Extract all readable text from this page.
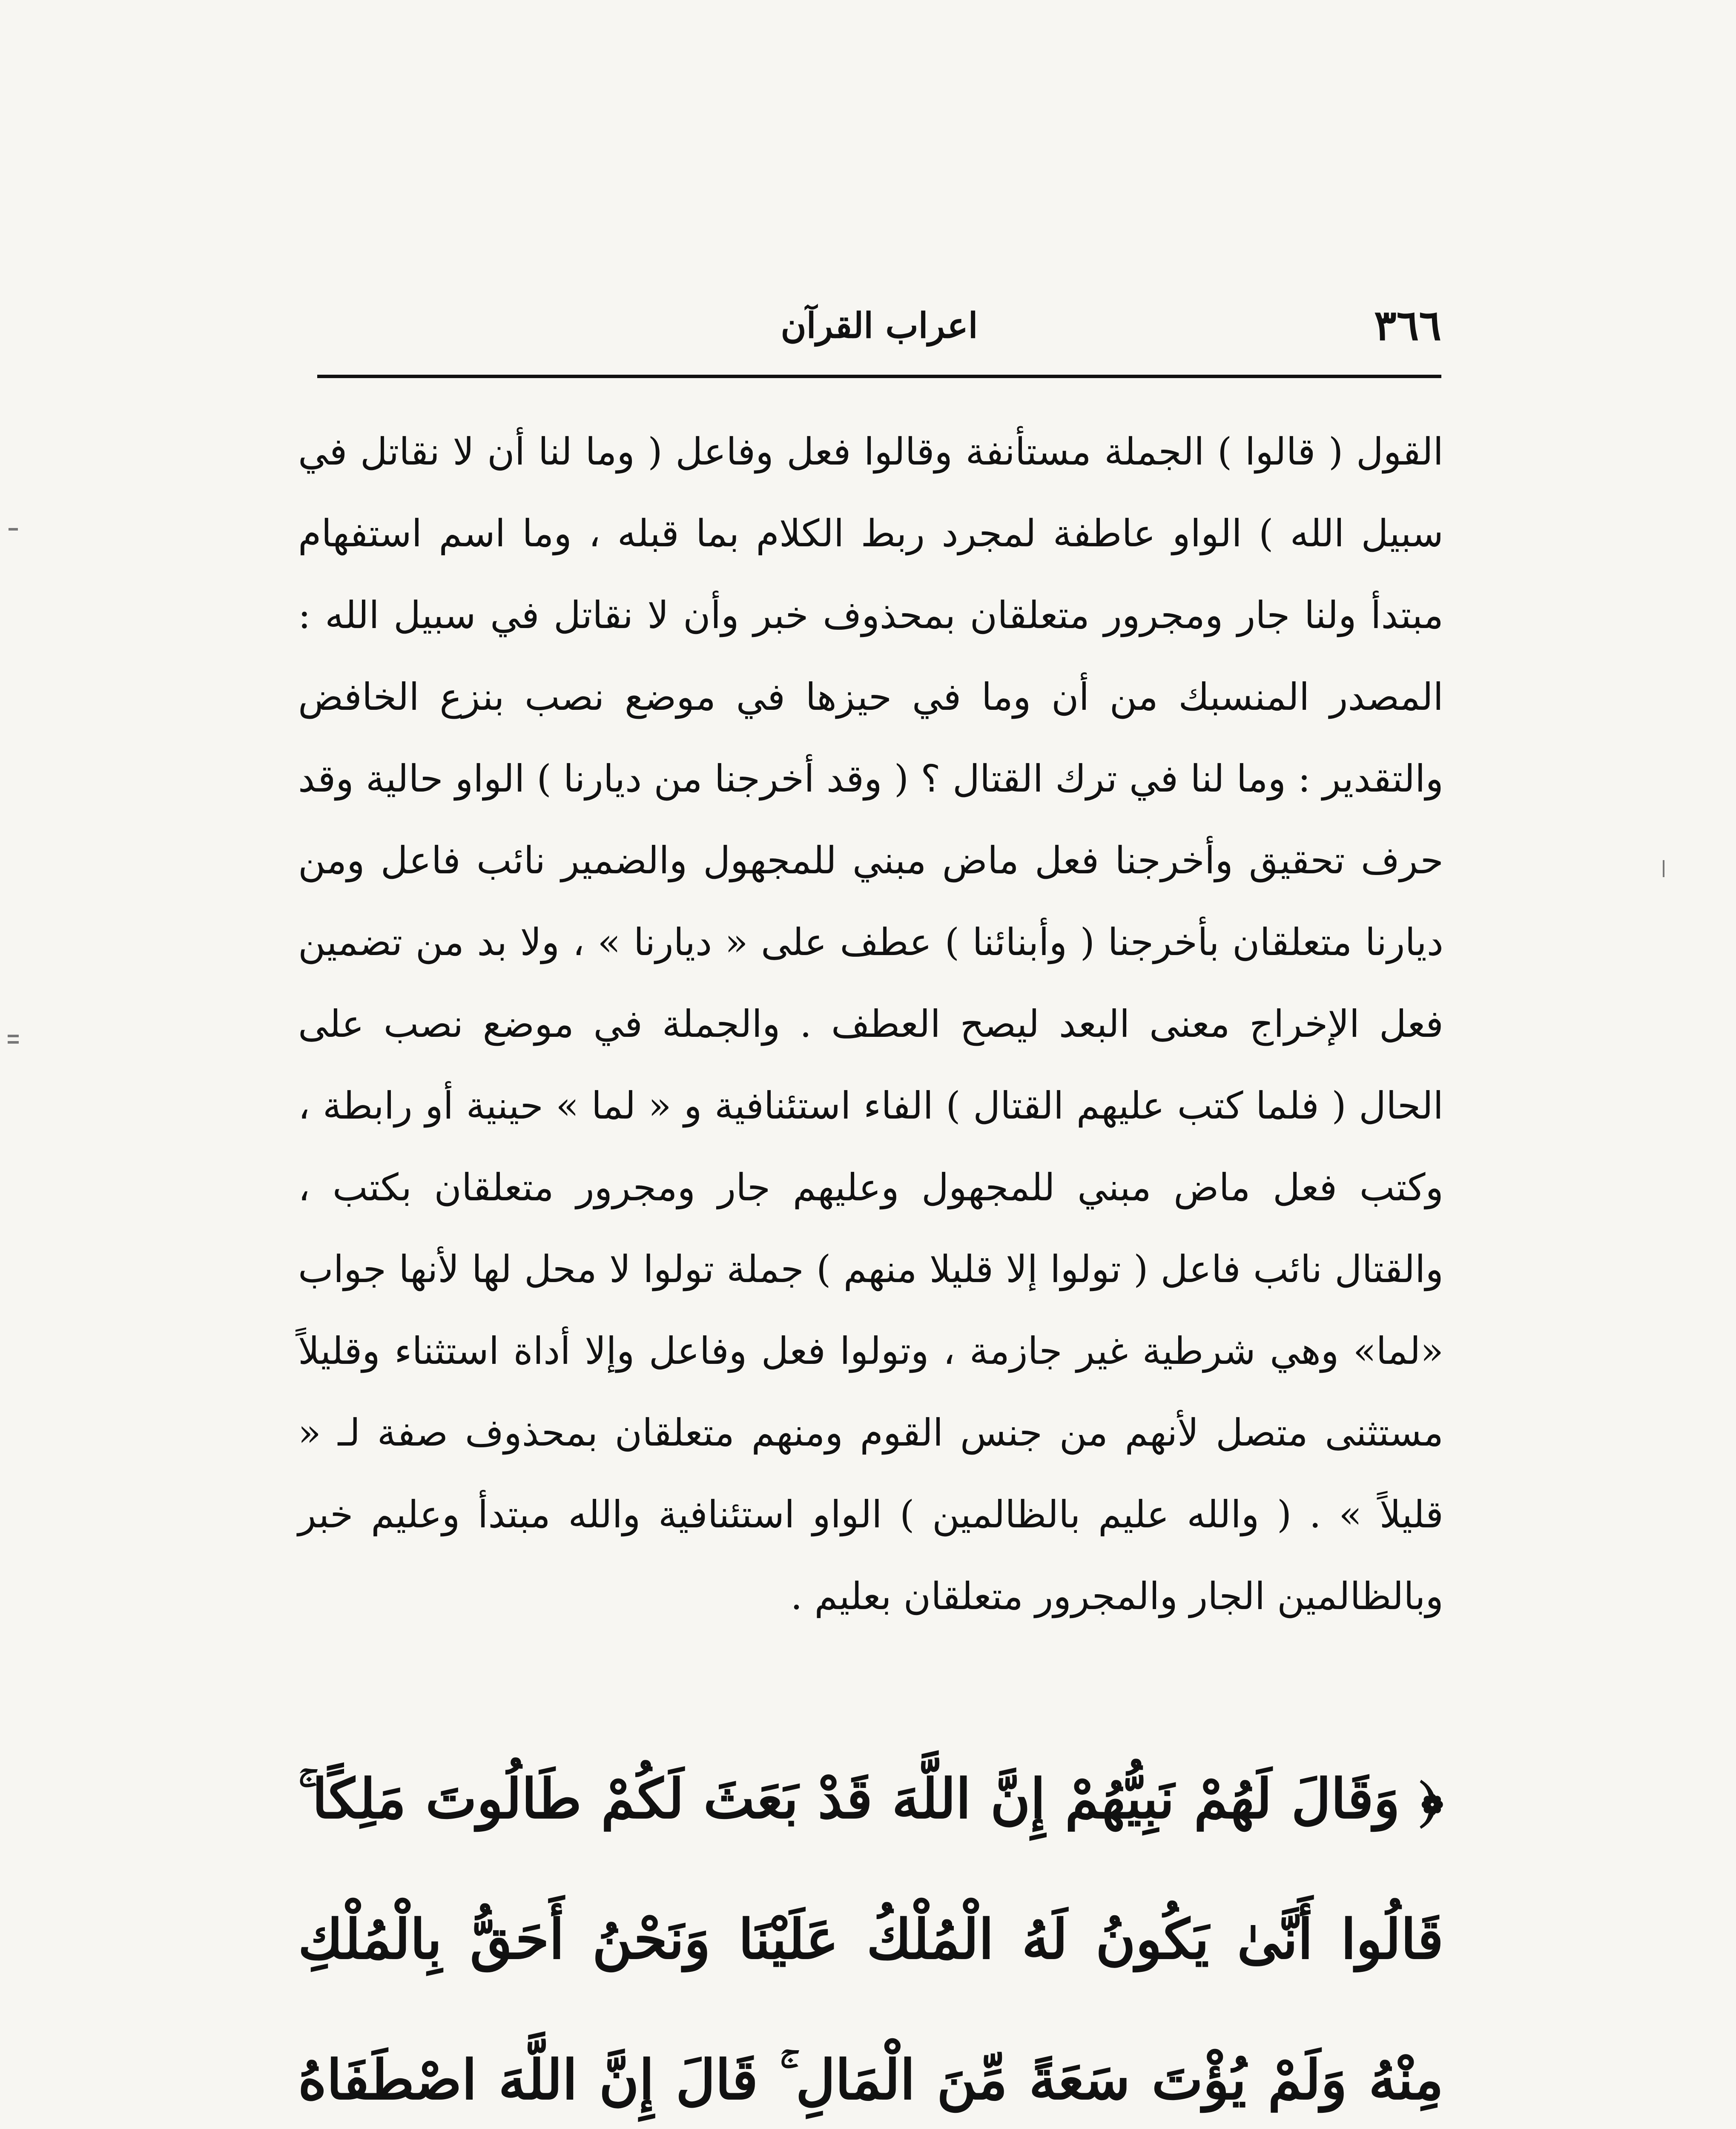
٣٦٦
اعراب القرآن

القول ( قالوا ) الجملة مستأنفة وقالوا فعل وفاعل ( وما لنا أن لا نقاتل في سبيل الله ) الواو عاطفة لمجرد ربط الكلام بما قبله ، وما اسم استفهام مبتدأ ولنا جار ومجرور متعلقان بمحذوف خبر وأن لا نقاتل في سبيل الله : المصدر المنسبك من أن وما في حيزها في موضع نصب بنزع الخافض والتقدير : وما لنا في ترك القتال ؟ ( وقد أخرجنا من ديارنا ) الواو حالية وقد حرف تحقيق وأخرجنا فعل ماض مبني للمجهول والضمير نائب فاعل ومن ديارنا متعلقان بأخرجنا ( وأبنائنا ) عطف على « ديارنا » ، ولا بد من تضمين فعل الإخراج معنى البعد ليصح العطف . والجملة في موضع نصب على الحال ( فلما كتب عليهم القتال ) الفاء استئنافية و « لما » حينية أو رابطة ، وكتب فعل ماض مبني للمجهول وعليهم جار ومجرور متعلقان بكتب ، والقتال نائب فاعل ( تولوا إلا قليلا منهم ) جملة تولوا لا محل لها لأنها جواب «لما» وهي شرطية غير جازمة ، وتولوا فعل وفاعل وإلا أداة استثناء وقليلاً مستثنى متصل لأنهم من جنس القوم ومنهم متعلقان بمحذوف صفة لـ « قليلاً » . ( والله عليم بالظالمين ) الواو استئنافية والله مبتدأ وعليم خبر وبالظالمين الجار والمجرور متعلقان بعليم .

﴿ وَقَالَ لَهُمْ نَبِيُّهُمْ إِنَّ اللَّهَ قَدْ بَعَثَ لَكُمْ طَالُوتَ مَلِكًا ۚ قَالُوا أَنَّىٰ يَكُونُ لَهُ الْمُلْكُ عَلَيْنَا وَنَحْنُ أَحَقُّ بِالْمُلْكِ مِنْهُ وَلَمْ يُؤْتَ سَعَةً مِّنَ الْمَالِ ۚ قَالَ إِنَّ اللَّهَ اصْطَفَاهُ
